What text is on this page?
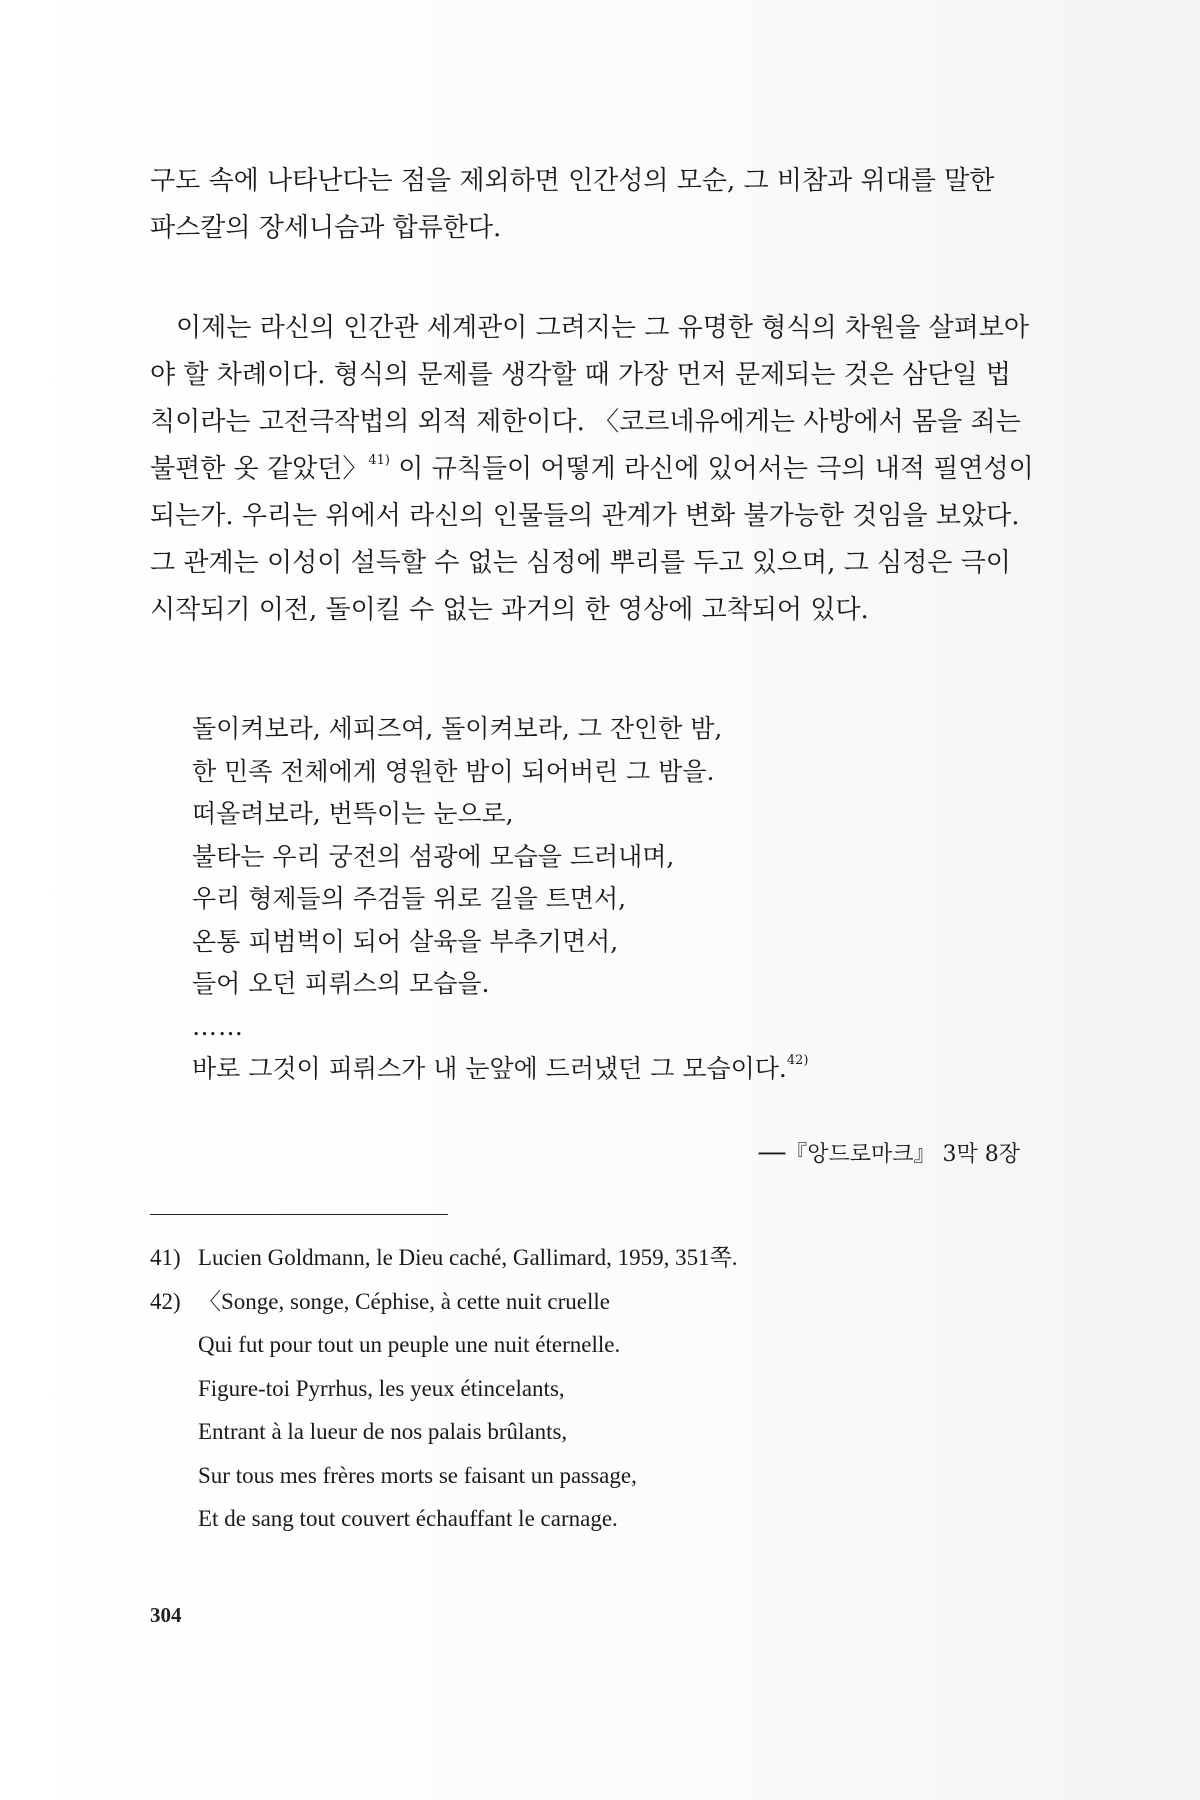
구도 속에 나타난다는 점을 제외하면 인간성의 모순, 그 비참과 위대를 말한
파스칼의 장세니슴과 합류한다.
이제는 라신의 인간관 세계관이 그려지는 그 유명한 형식의 차원을 살펴보아
야 할 차례이다. 형식의 문제를 생각할 때 가장 먼저 문제되는 것은 삼단일 법
칙이라는 고전극작법의 외적 제한이다. 〈코르네유에게는 사방에서 몸을 죄는
불편한 옷 같았던〉$^{41)}$ 이 규칙들이 어떻게 라신에 있어서는 극의 내적 필연성이
되는가. 우리는 위에서 라신의 인물들의 관계가 변화 불가능한 것임을 보았다.
그 관계는 이성이 설득할 수 없는 심정에 뿌리를 두고 있으며, 그 심정은 극이
시작되기 이전, 돌이킬 수 없는 과거의 한 영상에 고착되어 있다.
돌이켜보라, 세피즈여, 돌이켜보라, 그 잔인한 밤,
한 민족 전체에게 영원한 밤이 되어버린 그 밤을.
떠올려보라, 번뜩이는 눈으로,
불타는 우리 궁전의 섬광에 모습을 드러내며,
우리 형제들의 주검들 위로 길을 트면서,
온통 피범벅이 되어 살육을 부추기면서,
들어 오던 피뤼스의 모습을.
……
바로 그것이 피뤼스가 내 눈앞에 드러냈던 그 모습이다.$^{42)}$
──『앙드로마크』 3막 8장
41) Lucien Goldmann, le Dieu caché, Gallimard, 1959, 351쪽.
42) 〈Songe, songe, Céphise, à cette nuit cruelle
Qui fut pour tout un peuple une nuit éternelle.
Figure-toi Pyrrhus, les yeux étincelants,
Entrant à la lueur de nos palais brûlants,
Sur tous mes frères morts se faisant un passage,
Et de sang tout couvert échauffant le carnage.
304
